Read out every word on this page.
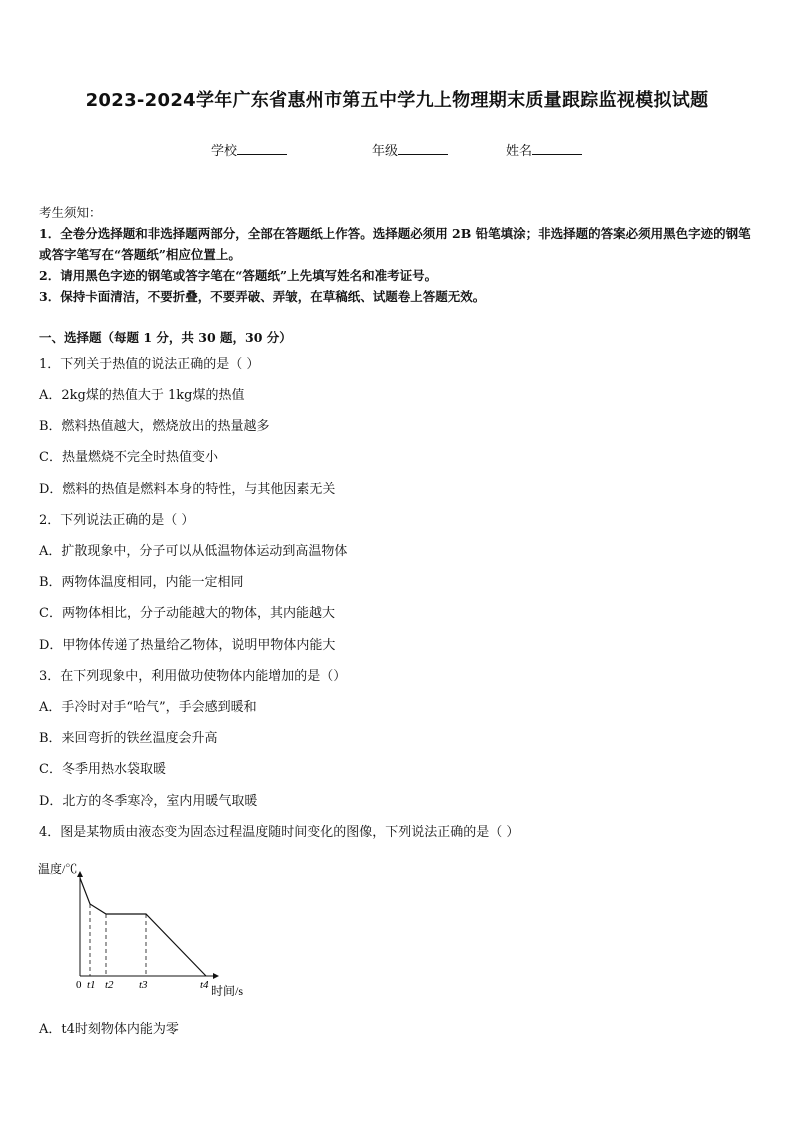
2023-2024学年广东省惠州市第五中学九上物理期末质量跟踪监视模拟试题
学校	年级	姓名
考生须知：
1．全卷分选择题和非选择题两部分，全部在答题纸上作答。选择题必须用 2B 铅笔填涂；非选择题的答案必须用黑色字迹的钢笔或答字笔写在“答题纸”相应位置上。
2．请用黑色字迹的钢笔或答字笔在“答题纸”上先填写姓名和准考证号。
3．保持卡面清洁，不要折叠，不要弄破、弄皱，在草稿纸、试题卷上答题无效。
一、选择题（每题 1 分，共 30 题，30 分）
1．下列关于热值的说法正确的是（ ）
A．2kg煤的热值大于 1kg煤的热值
B．燃料热值越大，燃烧放出的热量越多
C．热量燃烧不完全时热值变小
D．燃料的热值是燃料本身的特性，与其他因素无关
2．下列说法正确的是（ ）
A．扩散现象中，分子可以从低温物体运动到高温物体
B．两物体温度相同，内能一定相同
C．两物体相比，分子动能越大的物体，其内能越大
D．甲物体传递了热量给乙物体，说明甲物体内能大
3．在下列现象中，利用做功使物体内能增加的是（）
A．手冷时对手“哈气”，手会感到暖和
B．来回弯折的铁丝温度会升高
C．冬季用热水袋取暖
D．北方的冬季寒冷，室内用暖气取暖
4．图是某物质由液态变为固态过程温度随时间变化的图像，下列说法正确的是（ ）
温度/℃
时间/s
0 t1 t2 t3	t4
A．t4时刻物体内能为零
